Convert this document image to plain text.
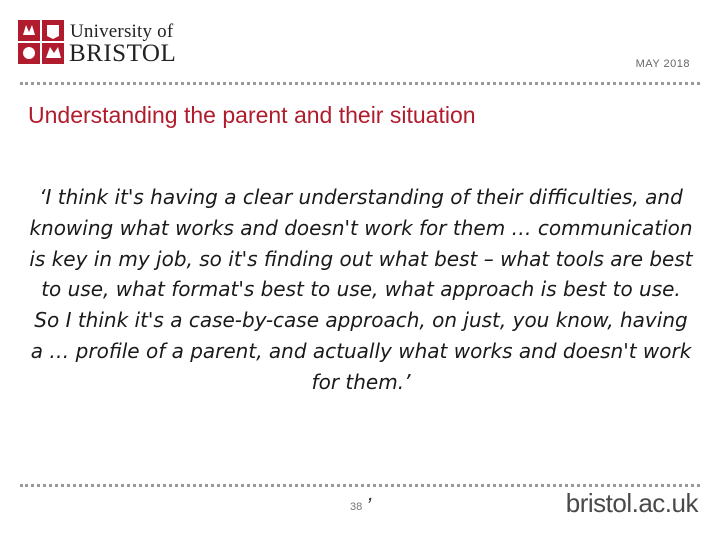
University of
BRISTOL	MAY 2018
Understanding the parent and their situation
‘I think it's having a clear understanding of their difficulties, and knowing what works and doesn't work for them … communication is key in my job, so it's finding out what best – what tools are best to use, what format's best to use, what approach is best to use. So I think it's a case-by-case approach, on just, you know, having a … profile of a parent, and actually what works and doesn't work for them.’
38 ʼ	bristol.ac.uk
